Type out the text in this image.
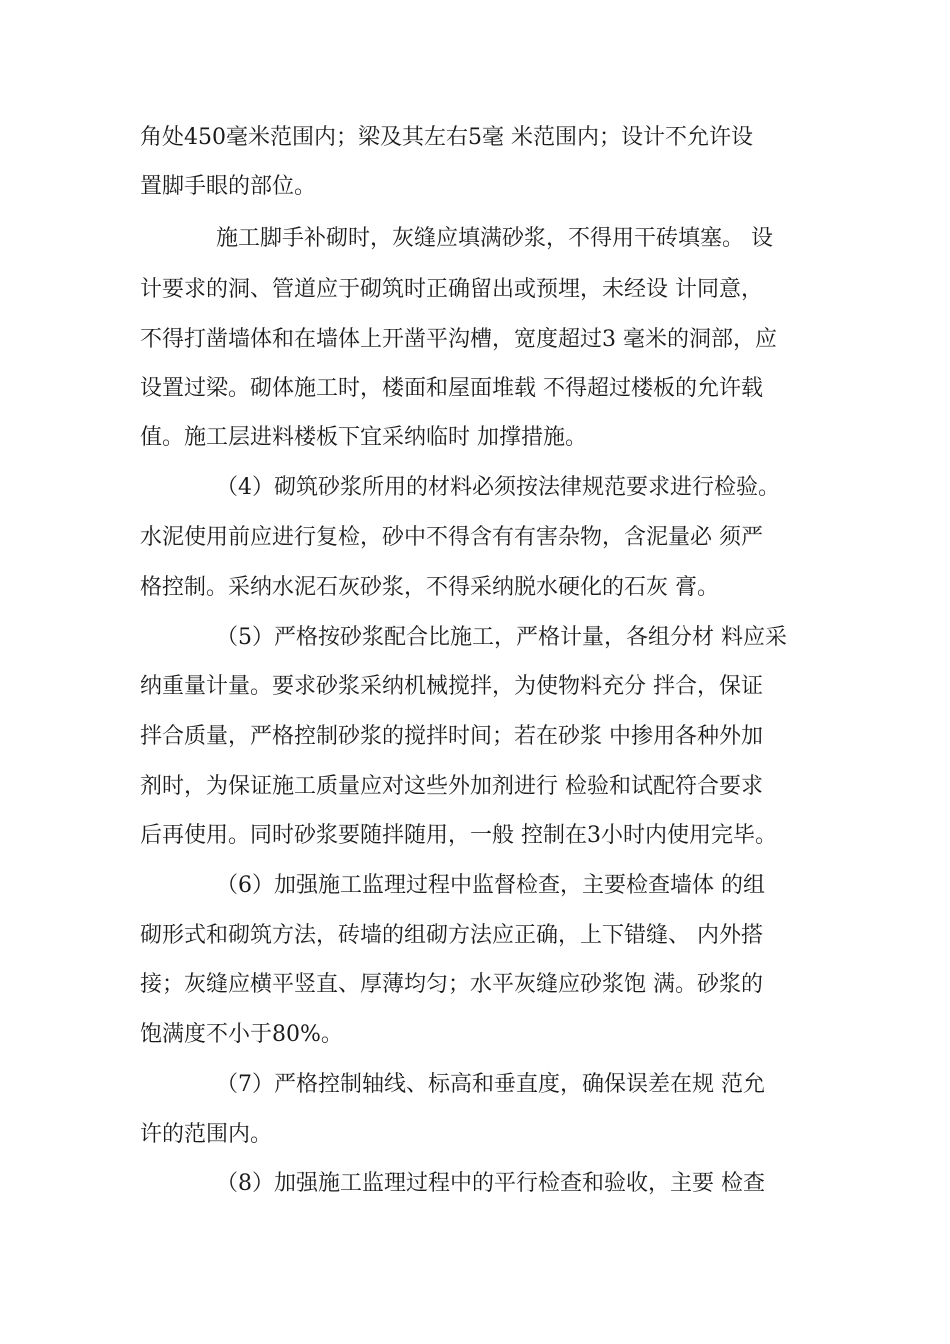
角处450毫米范围内；梁及其左右5毫 米范围内；设计不允许设
置脚手眼的部位。
施工脚手补砌时，灰缝应填满砂浆，不得用干砖填塞。 设
计要求的洞、管道应于砌筑时正确留出或预埋，未经设 计同意，
不得打凿墙体和在墙体上开凿平沟槽，宽度超过3 毫米的洞部，应
设置过梁。砌体施工时，楼面和屋面堆载 不得超过楼板的允许载
值。施工层进料楼板下宜采纳临时 加撑措施。
（4）砌筑砂浆所用的材料必须按法律规范要求进行检验。
水泥使用前应进行复检，砂中不得含有有害杂物，含泥量必 须严
格控制。采纳水泥石灰砂浆，不得采纳脱水硬化的石灰 膏。
（5）严格按砂浆配合比施工，严格计量，各组分材 料应采
纳重量计量。要求砂浆采纳机械搅拌，为使物料充分 拌合，保证
拌合质量，严格控制砂浆的搅拌时间；若在砂浆 中掺用各种外加
剂时，为保证施工质量应对这些外加剂进行 检验和试配符合要求
后再使用。同时砂浆要随拌随用，一般 控制在3小时内使用完毕。
（6）加强施工监理过程中监督检查，主要检查墙体 的组
砌形式和砌筑方法，砖墙的组砌方法应正确，上下错缝、 内外搭
接；灰缝应横平竖直、厚薄均匀；水平灰缝应砂浆饱 满。砂浆的
饱满度不小于80%。
（7）严格控制轴线、标高和垂直度，确保误差在规 范允
许的范围内。
（8）加强施工监理过程中的平行检查和验收，主要 检查
